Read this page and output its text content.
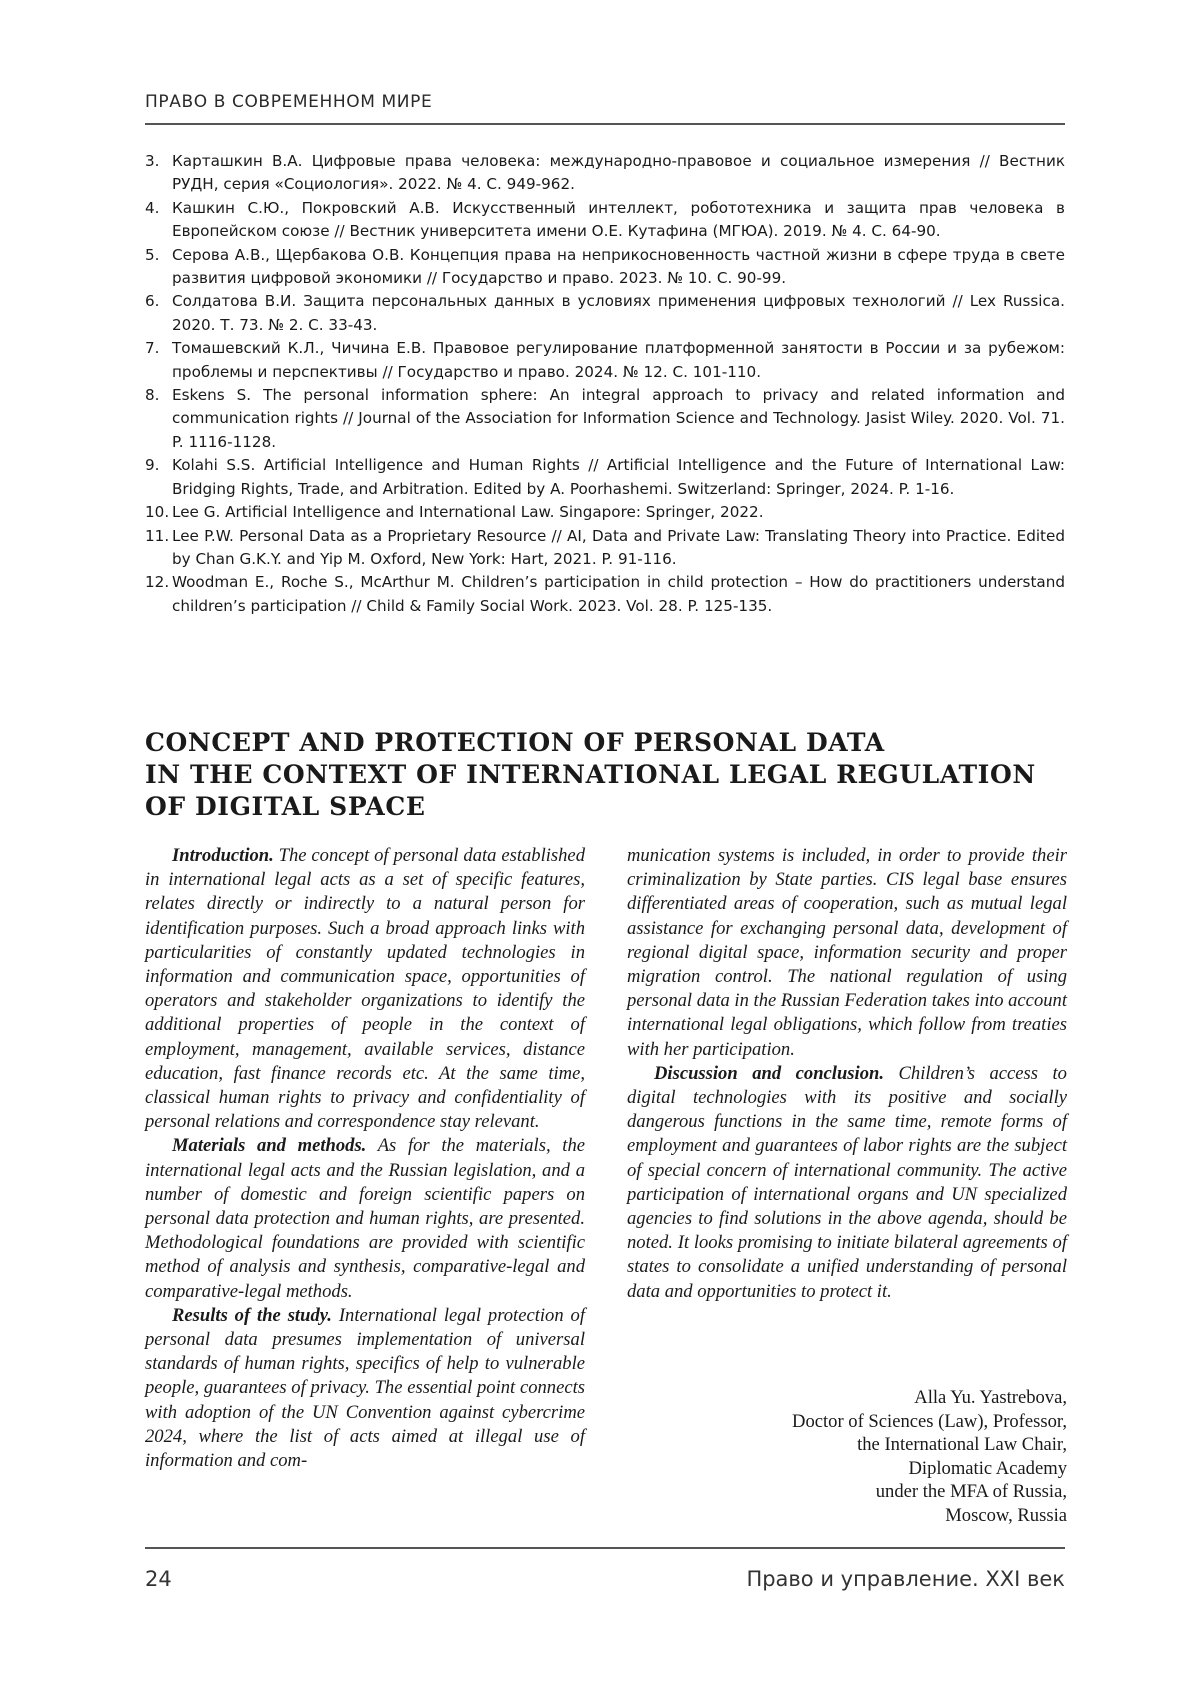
ПРАВО В СОВРЕМЕННОМ МИРЕ
3. Карташкин В.А. Цифровые права человека: международно-правовое и социальное измерения // Вестник РУДН, серия «Социология». 2022. № 4. С. 949-962.
4. Кашкин С.Ю., Покровский А.В. Искусственный интеллект, робототехника и защита прав человека в Европейском союзе // Вестник университета имени О.Е. Кутафина (МГЮА). 2019. № 4. С. 64-90.
5. Серова А.В., Щербакова О.В. Концепция права на неприкосновенность частной жизни в сфере труда в свете развития цифровой экономики // Государство и право. 2023. № 10. С. 90-99.
6. Солдатова В.И. Защита персональных данных в условиях применения цифровых технологий // Lex Russica. 2020. Т. 73. № 2. С. 33-43.
7. Томашевский К.Л., Чичина Е.В. Правовое регулирование платформенной занятости в России и за рубежом: проблемы и перспективы // Государство и право. 2024. № 12. С. 101-110.
8. Eskens S. The personal information sphere: An integral approach to privacy and related information and communication rights // Journal of the Association for Information Science and Technology. Jasist Wiley. 2020. Vol. 71. P. 1116-1128.
9. Kolahi S.S. Artificial Intelligence and Human Rights // Artificial Intelligence and the Future of International Law: Bridging Rights, Trade, and Arbitration. Edited by A. Poorhashemi. Switzerland: Springer, 2024. P. 1-16.
10. Lee G. Artificial Intelligence and International Law. Singapore: Springer, 2022.
11. Lee P.W. Personal Data as a Proprietary Resource // AI, Data and Private Law: Translating Theory into Practice. Edited by Chan G.K.Y. and Yip M. Oxford, New York: Hart, 2021. P. 91-116.
12. Woodman E., Roche S., McArthur M. Children’s participation in child protection – How do practitioners understand children’s participation // Child & Family Social Work. 2023. Vol. 28. P. 125-135.
CONCEPT AND PROTECTION OF PERSONAL DATA
IN THE CONTEXT OF INTERNATIONAL LEGAL REGULATION
OF DIGITAL SPACE

Introduction. The concept of personal data established in international legal acts as a set of specific features, relates directly or indirectly to a natural person for identification purposes. Such a broad approach links with particularities of constantly updated technologies in information and communication space, opportunities of operators and stakeholder organizations to identify the additional properties of people in the context of employment, management, available services, distance education, fast finance records etc. At the same time, classical human rights to privacy and confidentiality of personal relations and correspondence stay relevant.

Materials and methods. As for the materials, the international legal acts and the Russian legislation, and a number of domestic and foreign scientific papers on personal data protection and human rights, are presented. Methodological foundations are provided with scientific method of analysis and synthesis, comparative-legal and comparative-legal methods.

Results of the study. International legal protection of personal data presumes implementation of universal standards of human rights, specifics of help to vulnerable people, guarantees of privacy. The essential point connects with adoption of the UN Convention against cybercrime 2024, where the list of acts aimed at illegal use of information and com-

munication systems is included, in order to provide their criminalization by State parties. CIS legal base ensures differentiated areas of cooperation, such as mutual legal assistance for exchanging personal data, development of regional digital space, information security and proper migration control. The national regulation of using personal data in the Russian Federation takes into account international legal obligations, which follow from treaties with her participation.

Discussion and conclusion. Children’s access to digital technologies with its positive and socially dangerous functions in the same time, remote forms of employment and guarantees of labor rights are the subject of special concern of international community. The active participation of international organs and UN specialized agencies to find solutions in the above agenda, should be noted. It looks promising to initiate bilateral agreements of states to consolidate a unified understanding of personal data and opportunities to protect it.

Alla Yu. Yastrebova,
Doctor of Sciences (Law), Professor,
the International Law Chair,
Diplomatic Academy
under the MFA of Russia,
Moscow, Russia
24	Право и управление. XXI век
